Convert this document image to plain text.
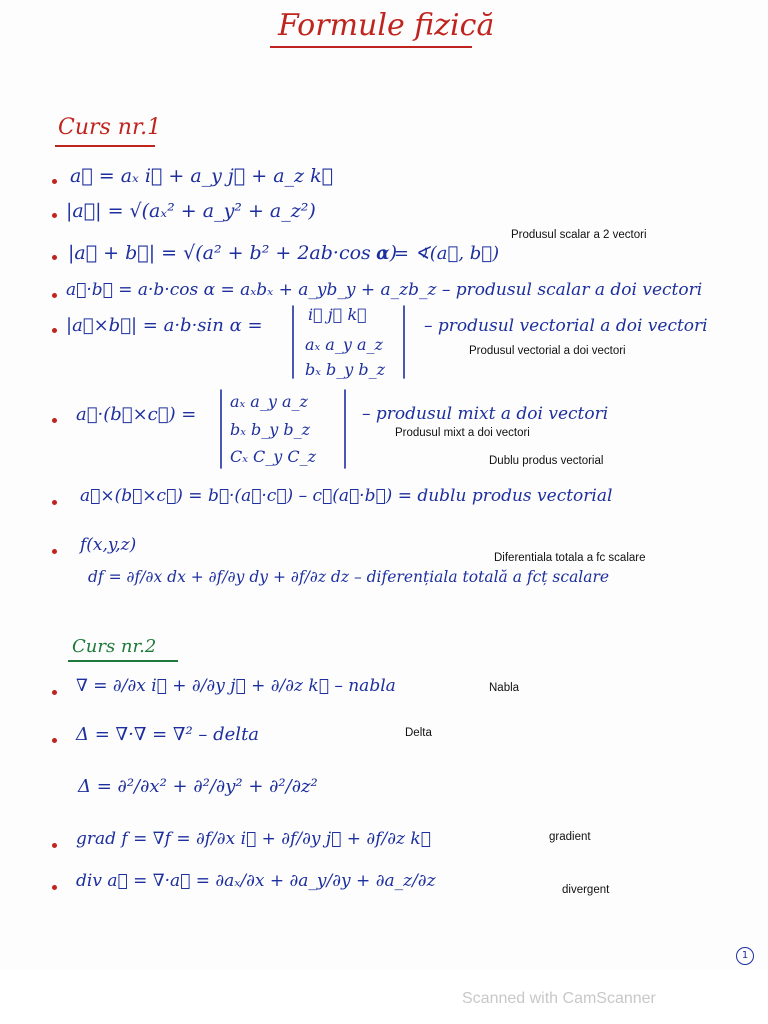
Formule fizică
Curs nr.1
a⃗ = aₓ i⃗ + a_y j⃗ + a_z k⃗
|a⃗| = √(aₓ² + a_y² + a_z²)
|a⃗ + b⃗| = √(a² + b² + 2ab·cos α)
α = ∢(a⃗, b⃗)
Produsul scalar a 2 vectori
a⃗·b⃗ = a·b·cos α = aₓbₓ + a_yb_y + a_zb_z – produsul scalar a doi vectori
|a⃗×b⃗| = a·b·sin α =
i⃗ j⃗ k⃗
aₓ a_y a_z
bₓ b_y b_z
– produsul vectorial a doi vectori
Produsul vectorial a doi vectori
a⃗·(b⃗×c⃗) =
aₓ a_y a_z
bₓ b_y b_z
Cₓ C_y C_z
– produsul mixt a doi vectori
Produsul mixt a doi vectori
Dublu produs vectorial
a⃗×(b⃗×c⃗) = b⃗·(a⃗·c⃗) – c⃗(a⃗·b⃗) = dublu produs vectorial
f(x,y,z)
Diferentiala totala a fc scalare
df = ∂f/∂x dx + ∂f/∂y dy + ∂f/∂z dz – diferențiala totală a fcț scalare
Curs nr.2
∇ = ∂/∂x i⃗ + ∂/∂y j⃗ + ∂/∂z k⃗ – nabla	Nabla
Δ = ∇·∇ = ∇² – delta	Delta
Δ = ∂²/∂x² + ∂²/∂y² + ∂²/∂z²
grad f = ∇f = ∂f/∂x i⃗ + ∂f/∂y j⃗ + ∂f/∂z k⃗	gradient
div a⃗ = ∇·a⃗ = ∂aₓ/∂x + ∂a_y/∂y + ∂a_z/∂z	divergent
1
Scanned with CamScanner
